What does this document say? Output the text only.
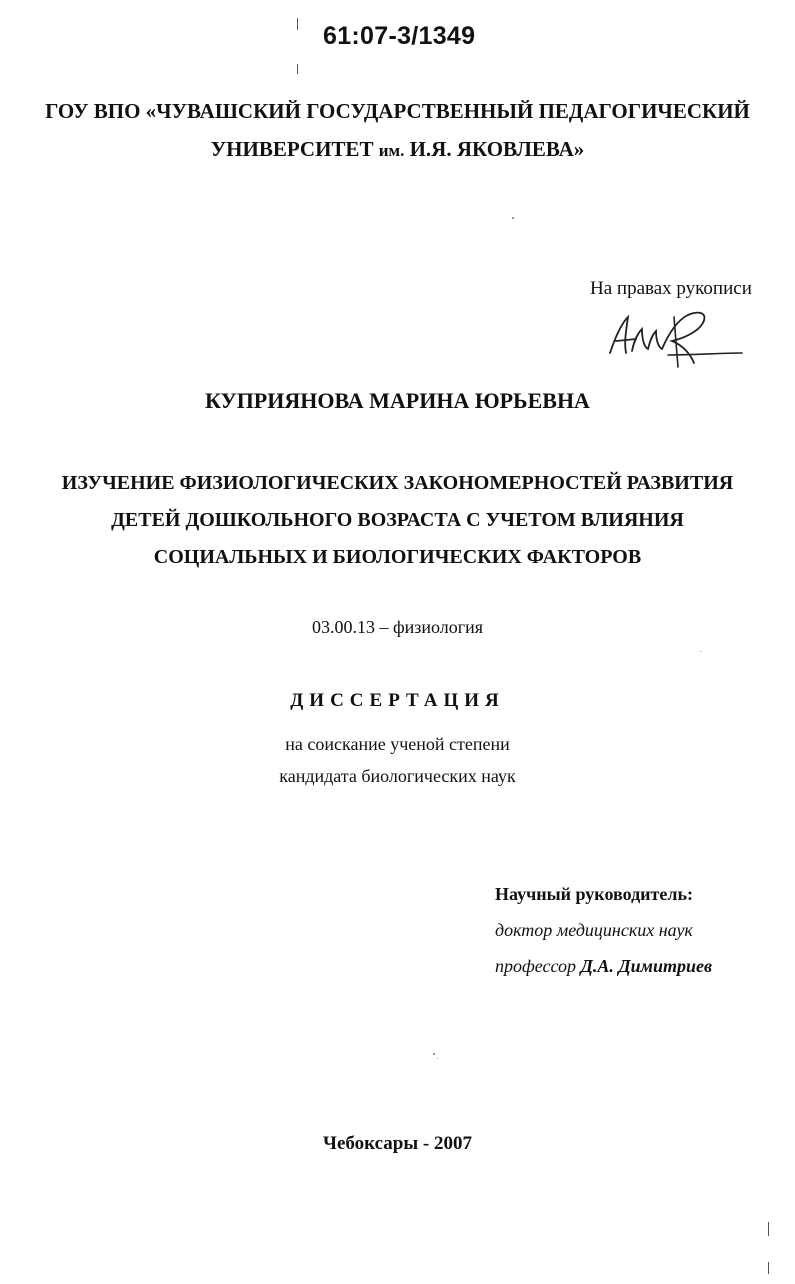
61:07-3/1349
ГОУ ВПО «ЧУВАШСКИЙ ГОСУДАРСТВЕННЫЙ ПЕДАГОГИЧЕСКИЙ
УНИВЕРСИТЕТ им. И.Я. ЯКОВЛЕВА»
На правах рукописи
КУПРИЯНОВА МАРИНА ЮРЬЕВНА
ИЗУЧЕНИЕ ФИЗИОЛОГИЧЕСКИХ ЗАКОНОМЕРНОСТЕЙ РАЗВИТИЯ
ДЕТЕЙ ДОШКОЛЬНОГО ВОЗРАСТА С УЧЕТОМ ВЛИЯНИЯ
СОЦИАЛЬНЫХ И БИОЛОГИЧЕСКИХ ФАКТОРОВ
03.00.13 – физиология
ДИССЕРТАЦИЯ
на соискание ученой степени
кандидата биологических наук
Научный руководитель:
доктор медицинских наук
профессор Д.А. Димитриев
Чебоксары - 2007
